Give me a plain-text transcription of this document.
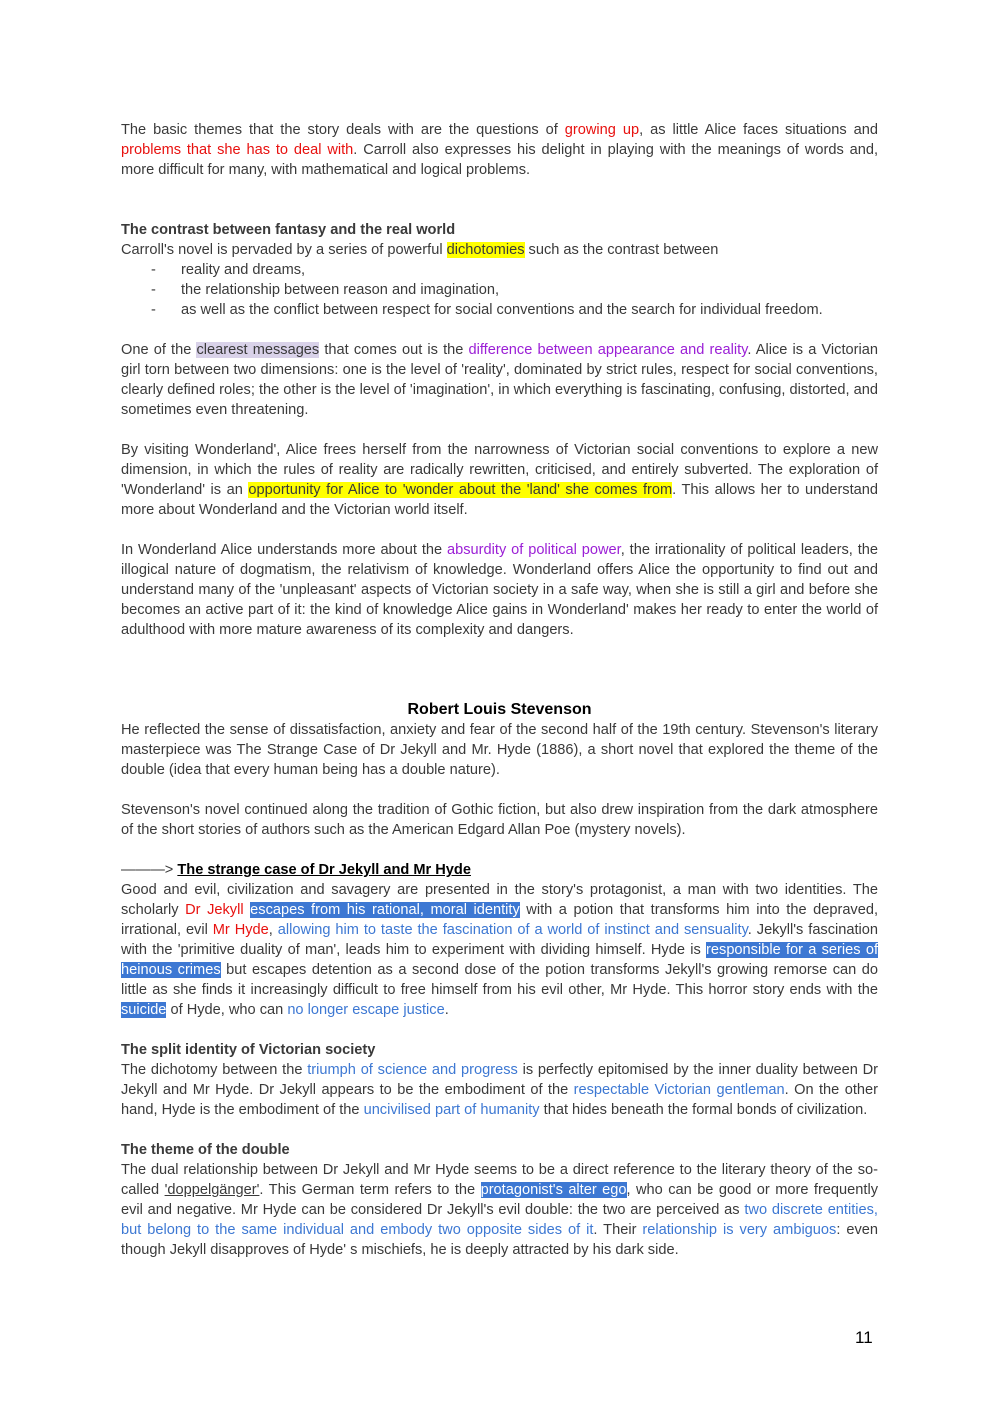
The basic themes that the story deals with are the questions of growing up, as little Alice faces situations and problems that she has to deal with. Carroll also expresses his delight in playing with the meanings of words and, more difficult for many, with mathematical and logical problems.

The contrast between fantasy and the real world

Carroll's novel is pervaded by a series of powerful dichotomies such as the contrast between

- reality and dreams,
- the relationship between reason and imagination,
- as well as the conflict between respect for social conventions and the search for individual freedom.

One of the clearest messages that comes out is the difference between appearance and reality. Alice is a Victorian girl torn between two dimensions: one is the level of 'reality', dominated by strict rules, respect for social conventions, clearly defined roles; the other is the level of 'imagination', in which everything is fascinating, confusing, distorted, and sometimes even threatening.

By visiting Wonderland', Alice frees herself from the narrowness of Victorian social conventions to explore a new dimension, in which the rules of reality are radically rewritten, criticised, and entirely subverted. The exploration of 'Wonderland' is an opportunity for Alice to 'wonder about the 'land' she comes from. This allows her to understand more about Wonderland and the Victorian world itself.

In Wonderland Alice understands more about the absurdity of political power, the irrationality of political leaders, the illogical nature of dogmatism, the relativism of knowledge. Wonderland offers Alice the opportunity to find out and understand many of the 'unpleasant' aspects of Victorian society in a safe way, when she is still a girl and before she becomes an active part of it: the kind of knowledge Alice gains in Wonderland' makes her ready to enter the world of adulthood with more mature awareness of its complexity and dangers.

Robert Louis Stevenson

He reflected the sense of dissatisfaction, anxiety and fear of the second half of the 19th century. Stevenson's literary masterpiece was The Strange Case of Dr Jekyll and Mr. Hyde (1886), a short novel that explored the theme of the double (idea that every human being has a double nature).

Stevenson's novel continued along the tradition of Gothic fiction, but also drew inspiration from the dark atmosphere of the short stories of authors such as the American Edgard Allan Poe (mystery novels).

———> The strange case of Dr Jekyll and Mr Hyde

Good and evil, civilization and savagery are presented in the story's protagonist, a man with two identities. The scholarly Dr Jekyll escapes from his rational, moral identity with a potion that transforms him into the depraved, irrational, evil Mr Hyde, allowing him to taste the fascination of a world of instinct and sensuality. Jekyll's fascination with the 'primitive duality of man', leads him to experiment with dividing himself. Hyde is responsible for a series of heinous crimes but escapes detention as a second dose of the potion transforms Jekyll's growing remorse can do little as she finds it increasingly difficult to free himself from his evil other, Mr Hyde. This horror story ends with the suicide of Hyde, who can no longer escape justice.

The split identity of Victorian society

The dichotomy between the triumph of science and progress is perfectly epitomised by the inner duality between Dr Jekyll and Mr Hyde. Dr Jekyll appears to be the embodiment of the respectable Victorian gentleman. On the other hand, Hyde is the embodiment of the uncivilised part of humanity that hides beneath the formal bonds of civilization.

The theme of the double

The dual relationship between Dr Jekyll and Mr Hyde seems to be a direct reference to the literary theory of the so-called 'doppelgänger'. This German term refers to the protagonist's alter ego, who can be good or more frequently evil and negative. Mr Hyde can be considered Dr Jekyll's evil double: the two are perceived as two discrete entities, but belong to the same individual and embody two opposite sides of it. Their relationship is very ambiguos: even though Jekyll disapproves of Hyde' s mischiefs, he is deeply attracted by his dark side.

11
